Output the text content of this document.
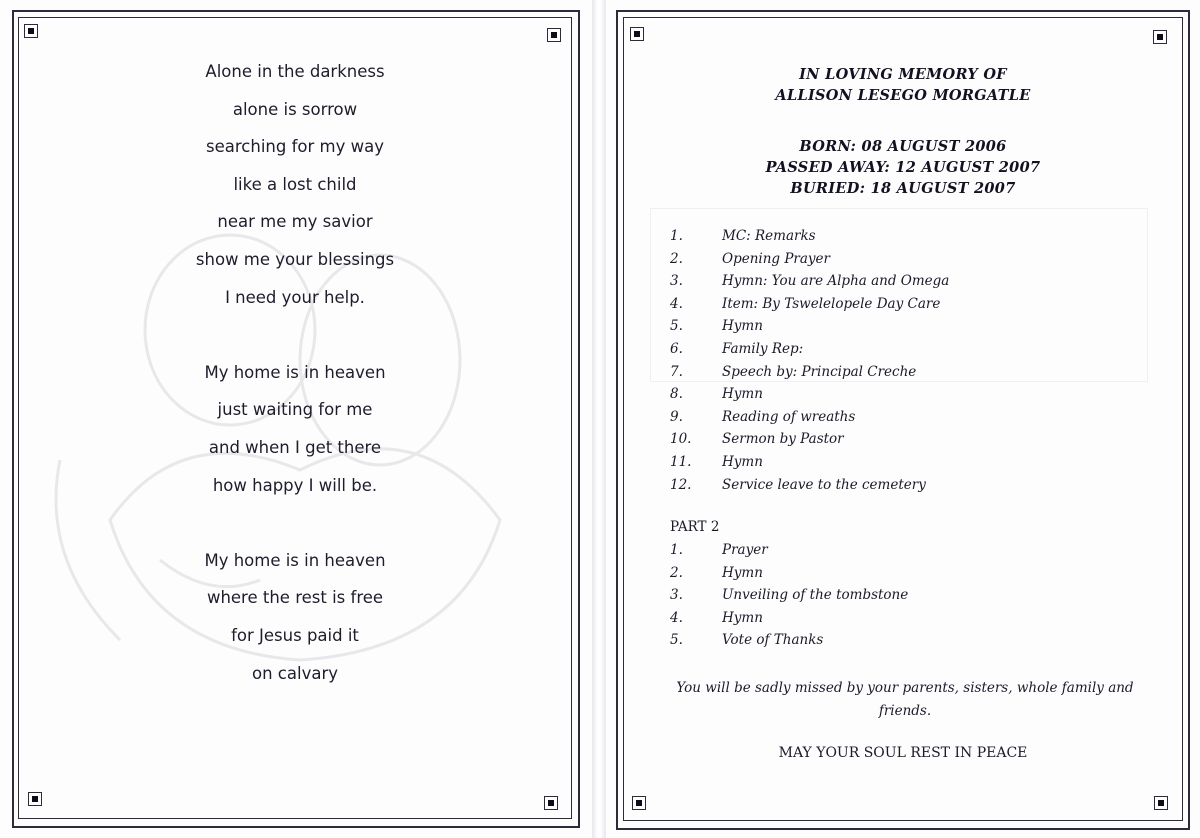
Alone in the darkness
alone is sorrow
searching for my way
like a lost child
near me my savior
show me your blessings
I need your help.
My home is in heaven
just waiting for me
and when I get there
how happy I will be.
My home is in heaven
where the rest is free
for Jesus paid it
on calvary
IN LOVING MEMORY OF
ALLISON LESEGO MORGATLE
BORN: 08 AUGUST 2006
PASSED AWAY: 12 AUGUST 2007
BURIED: 18 AUGUST 2007
1.	MC: Remarks
2.	Opening Prayer
3.	Hymn: You are Alpha and Omega
4.	Item: By Tswelelopele Day Care
5.	Hymn
6.	Family Rep:
7.	Speech by: Principal Creche
8.	Hymn
9.	Reading of wreaths
10. Sermon by Pastor
11. Hymn
12. Service leave to the cemetery
PART 2
1.	Prayer
2.	Hymn
3.	Unveiling of the tombstone
4.	Hymn
5.	Vote of Thanks
You will be sadly missed by your parents, sisters, whole family and friends.
MAY YOUR SOUL REST IN PEACE
